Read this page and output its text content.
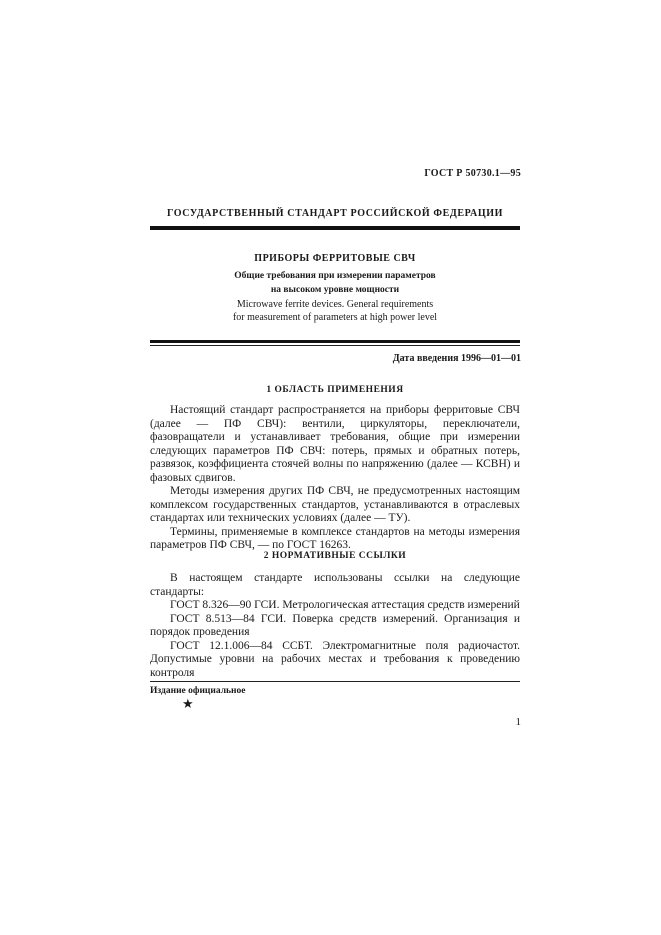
ГОСТ Р 50730.1—95
ГОСУДАРСТВЕННЫЙ СТАНДАРТ РОССИЙСКОЙ ФЕДЕРАЦИИ
ПРИБОРЫ ФЕРРИТОВЫЕ СВЧ
Общие требования при измерении параметров
на высоком уровне мощности
Microwave ferrite devices. General requirements
for measurement of parameters at high power level
Дата введения 1996—01—01
1 ОБЛАСТЬ ПРИМЕНЕНИЯ

Настоящий стандарт распространяется на приборы ферритовые СВЧ (далее — ПФ СВЧ): вентили, циркуляторы, переключатели, фазовращатели и устанавливает требования, общие при измерении следующих параметров ПФ СВЧ: потерь, прямых и обратных потерь, развязок, коэффициента стоячей волны по напряжению (далее — КСВН) и фазовых сдвигов.

Методы измерения других ПФ СВЧ, не предусмотренных настоящим комплексом государственных стандартов, устанавливаются в отраслевых стандартах или технических условиях (далее — ТУ).

Термины, применяемые в комплексе стандартов на методы измерения параметров ПФ СВЧ, — по ГОСТ 16263.

2 НОРМАТИВНЫЕ ССЫЛКИ

В настоящем стандарте использованы ссылки на следующие стандарты:

ГОСТ 8.326—90 ГСИ. Метрологическая аттестация средств измерений

ГОСТ 8.513—84 ГСИ. Поверка средств измерений. Организация и порядок проведения

ГОСТ 12.1.006—84 ССБТ. Электромагнитные поля радиочастот. Допустимые уровни на рабочих местах и требования к проведению контроля

Издание официальное
★
1
